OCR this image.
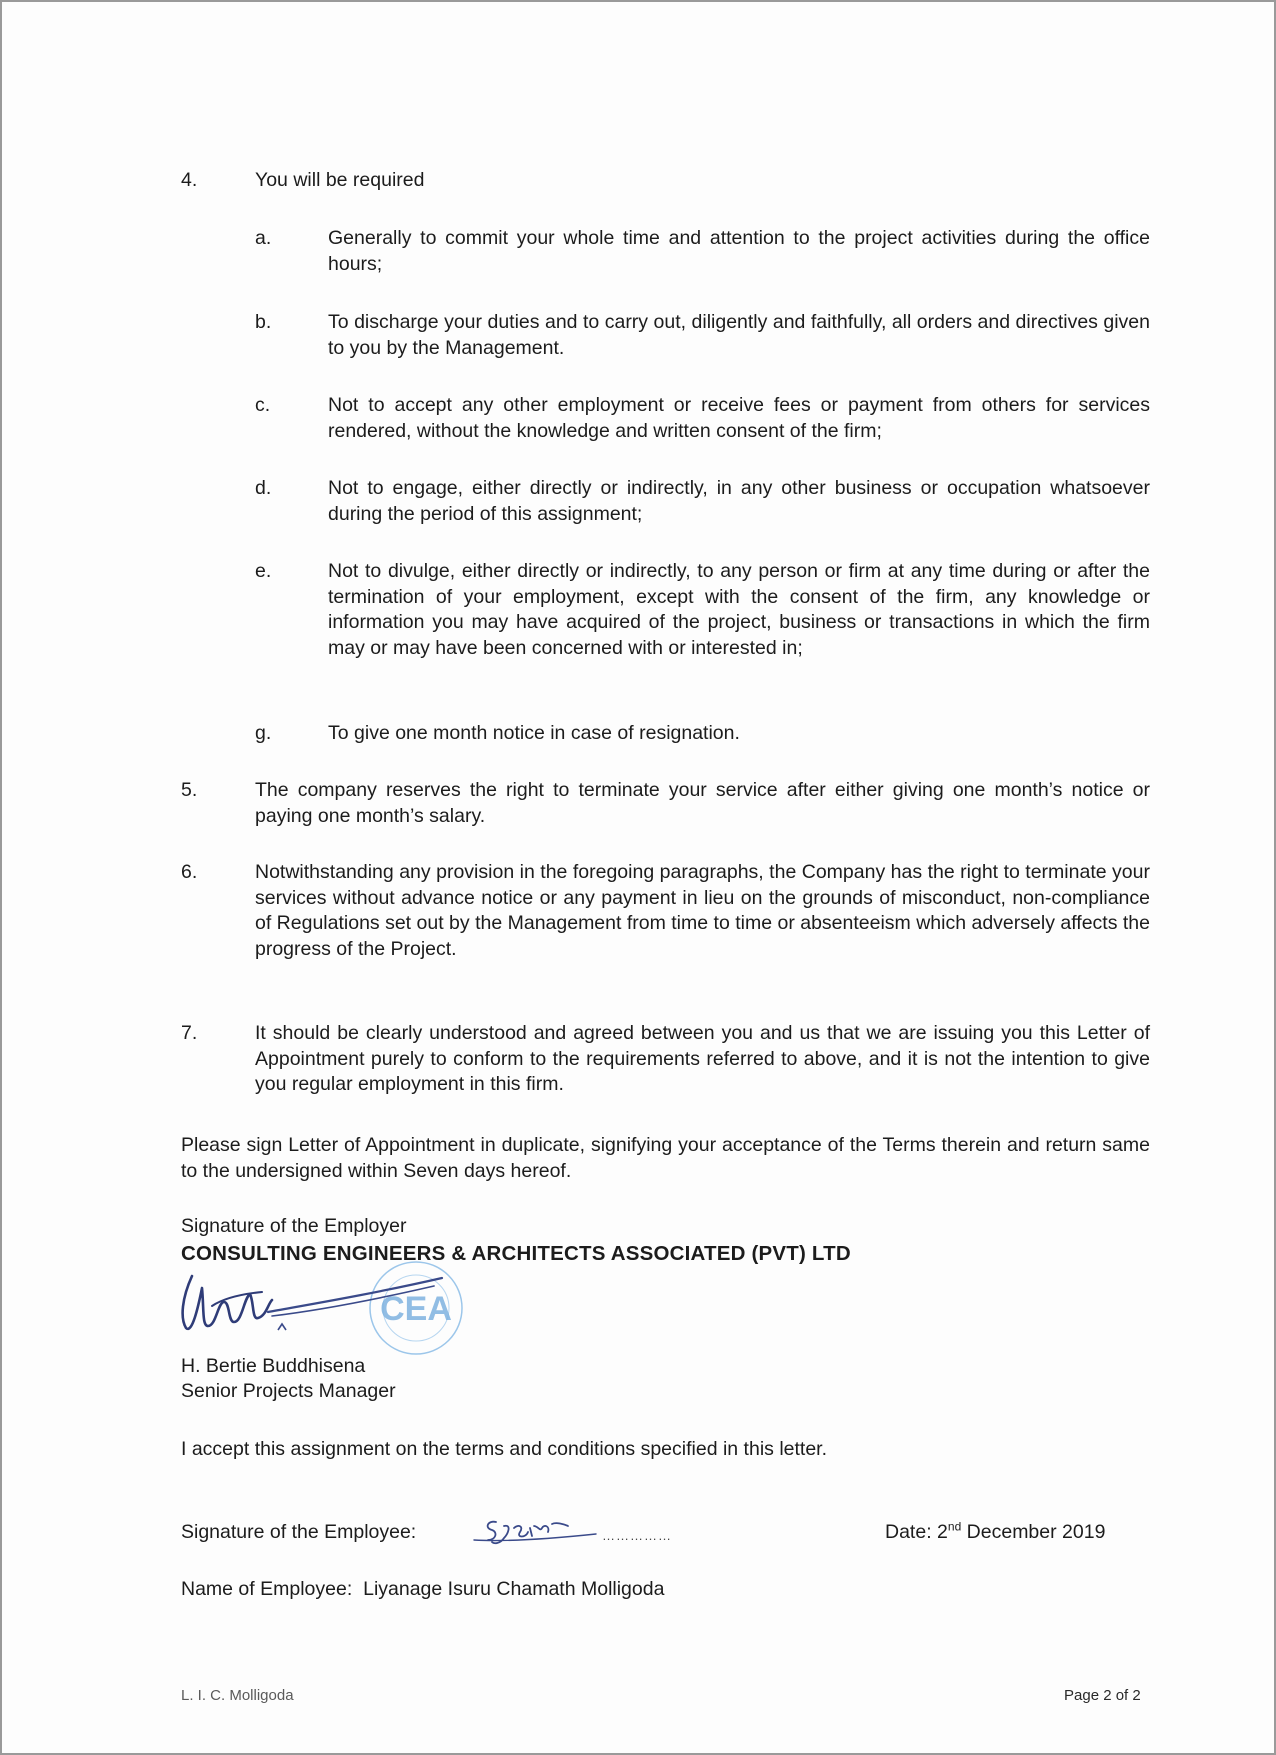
4.	You will be required
a.	Generally to commit your whole time and attention to the project activities during the office hours;
b.	To discharge your duties and to carry out, diligently and faithfully, all orders and directives given to you by the Management.
c.	Not to accept any other employment or receive fees or payment from others for services rendered, without the knowledge and written consent of the firm;
d.	Not to engage, either directly or indirectly, in any other business or occupation whatsoever during the period of this assignment;
e.	Not to divulge, either directly or indirectly, to any person or firm at any time during or after the termination of your employment, except with the consent of the firm, any knowledge or information you may have acquired of the project, business or transactions in which the firm may or may have been concerned with or interested in;
g.	To give one month notice in case of resignation.
5.	The company reserves the right to terminate your service after either giving one month’s notice or paying one month’s salary.
6.	Notwithstanding any provision in the foregoing paragraphs, the Company has the right to terminate your services without advance notice or any payment in lieu on the grounds of misconduct, non-compliance of Regulations set out by the Management from time to time or absenteeism which adversely affects the progress of the Project.
7.	It should be clearly understood and agreed between you and us that we are issuing you this Letter of Appointment purely to conform to the requirements referred to above, and it is not the intention to give you regular employment in this firm.
Please sign Letter of Appointment in duplicate, signifying your acceptance of the Terms therein and return same to the undersigned within Seven days hereof.
Signature of the Employer
CONSULTING ENGINEERS & ARCHITECTS ASSOCIATED (PVT) LTD
CEA
H. Bertie Buddhisena
Senior Projects Manager
I accept this assignment on the terms and conditions specified in this letter.
Signature of the Employee:	……………	Date: 2nd December 2019
Name of Employee: Liyanage Isuru Chamath Molligoda
L. I. C. Molligoda	Page 2 of 2
